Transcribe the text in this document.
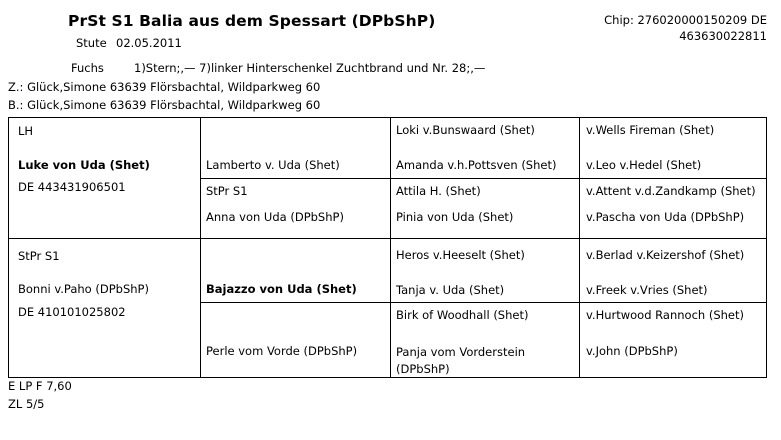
PrSt S1 Balia aus dem Spessart (DPbShP)	Chip: 276020000150209 DE 463630022811
Stute 02.05.2011
Fuchs	1)Stern;,— 7)linker Hinterschenkel Zuchtbrand und Nr. 28;,—
Z.: Glück,Simone 63639 Flörsbachtal, Wildparkweg 60
B.: Glück,Simone 63639 Flörsbachtal, Wildparkweg 60
LH
Luke von Uda (Shet)
DE 443431906501
StPr S1
Bonni v.Paho (DPbShP)
DE 410101025802
Lamberto v. Uda (Shet)
StPr S1
Anna von Uda (DPbShP)
Bajazzo von Uda (Shet)
Perle vom Vorde (DPbShP)
Loki v.Bunswaard (Shet)
Amanda v.h.Pottsven (Shet)
Attila H. (Shet)
Pinia von Uda (Shet)
Heros v.Heeselt (Shet)
Tanja v. Uda (Shet)
Birk of Woodhall (Shet)
Panja vom Vorderstein (DPbShP)
v.Wells Fireman (Shet)
v.Leo v.Hedel (Shet)
v.Attent v.d.Zandkamp (Shet)
v.Pascha von Uda (DPbShP)
v.Berlad v.Keizershof (Shet)
v.Freek v.Vries (Shet)
v.Hurtwood Rannoch (Shet)
v.John (DPbShP)
E LP F 7,60
ZL 5/5
